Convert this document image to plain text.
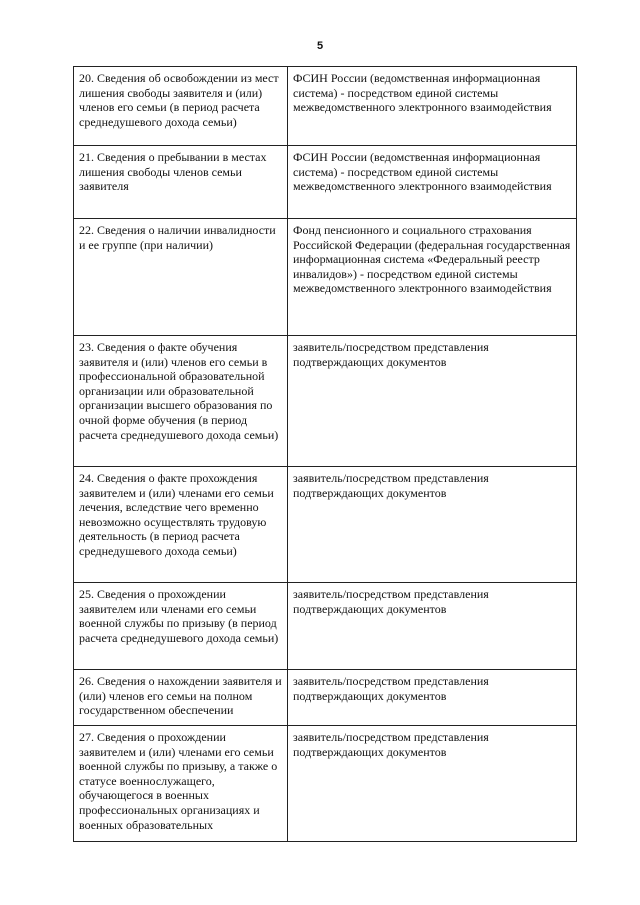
5
20. Сведения об освобождении из мест лишения свободы заявителя и (или) членов его семьи (в период расчета среднедушевого дохода семьи)	ФСИН России (ведомственная информационная система) - посредством единой системы межведомственного электронного взаимодействия
21. Сведения о пребывании в местах лишения свободы членов семьи заявителя	ФСИН России (ведомственная информационная система) - посредством единой системы межведомственного электронного взаимодействия
22. Сведения о наличии инвалидности и ее группе (при наличии)	Фонд пенсионного и социального страхования Российской Федерации (федеральная государственная информационная система «Федеральный реестр инвалидов») - посредством единой системы межведомственного электронного взаимодействия
23. Сведения о факте обучения заявителя и (или) членов его семьи в профессиональной образовательной организации или образовательной организации высшего образования по очной форме обучения (в период расчета среднедушевого дохода семьи)	заявитель/посредством представления подтверждающих документов
24. Сведения о факте прохождения заявителем и (или) членами его семьи лечения, вследствие чего временно невозможно осуществлять трудовую деятельность (в период расчета среднедушевого дохода семьи)	заявитель/посредством представления подтверждающих документов
25. Сведения о прохождении заявителем или членами его семьи военной службы по призыву (в период расчета среднедушевого дохода семьи)	заявитель/посредством представления подтверждающих документов
26. Сведения о нахождении заявителя и (или) членов его семьи на полном государственном обеспечении	заявитель/посредством представления подтверждающих документов
27. Сведения о прохождении заявителем и (или) членами его семьи военной службы по призыву, а также о статусе военнослужащего, обучающегося в военных профессиональных организациях и военных образовательных	заявитель/посредством представления подтверждающих документов
